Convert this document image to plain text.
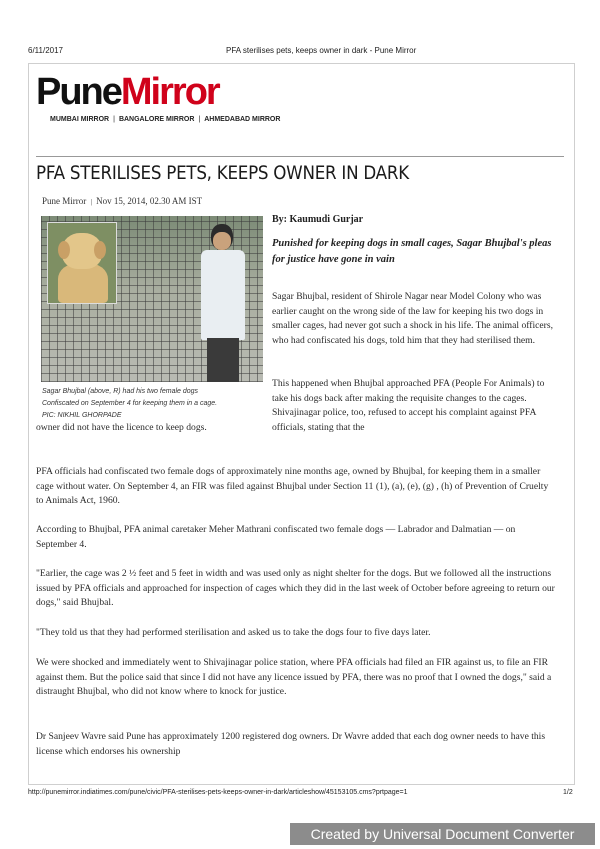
6/11/2017	PFA sterilises pets, keeps owner in dark - Pune Mirror
PuneMirror
MUMBAI MIRROR | BANGALORE MIRROR | AHMEDABAD MIRROR
PFA STERILISES PETS, KEEPS OWNER IN DARK
Pune Mirror | Nov 15, 2014, 02.30 AM IST
Sagar Bhujbal (above, R) had his two female dogs
Confiscated on September 4 for keeping them in a cage.
PIC: NIKHIL GHORPADE
By: Kaumudi Gurjar
Punished for keeping dogs in small cages, Sagar Bhujbal's pleas for justice have gone in vain
Sagar Bhujbal, resident of Shirole Nagar near Model Colony who was earlier caught on the wrong side of the law for keeping his two dogs in smaller cages, had never got such a shock in his life. The animal officers, who had confiscated his dogs, told him that they had sterilised them.
This happened when Bhujbal approached PFA (People For Animals) to take his dogs back after making the requisite changes to the cages. Shivajinagar police, too, refused to accept his complaint against PFA officials, stating that the
owner did not have the licence to keep dogs.
PFA officials had confiscated two female dogs of approximately nine months age, owned by Bhujbal, for keeping them in a smaller cage without water. On September 4, an FIR was filed against Bhujbal under Section 11 (1), (a), (e), (g) , (h) of Prevention of Cruelty to Animals Act, 1960.
According to Bhujbal, PFA animal caretaker Meher Mathrani confiscated two female dogs — Labrador and Dalmatian — on September 4.
"Earlier, the cage was 2 ½ feet and 5 feet in width and was used only as night shelter for the dogs. But we followed all the instructions issued by PFA officials and approached for inspection of cages which they did in the last week of October before agreeing to return our dogs," said Bhujbal.
"They told us that they had performed sterilisation and asked us to take the dogs four to five days later.
We were shocked and immediately went to Shivajinagar police station, where PFA officials had filed an FIR against us, to file an FIR against them. But the police said that since I did not have any licence issued by PFA, there was no proof that I owned the dogs," said a distraught Bhujbal, who did not know where to knock for justice.
Dr Sanjeev Wavre said Pune has approximately 1200 registered dog owners. Dr Wavre added that each dog owner needs to have this license which endorses his ownership
http://punemirror.indiatimes.com/pune/civic/PFA-sterilises-pets-keeps-owner-in-dark/articleshow/45153105.cms?prtpage=1	1/2
Created by Universal Document Converter
